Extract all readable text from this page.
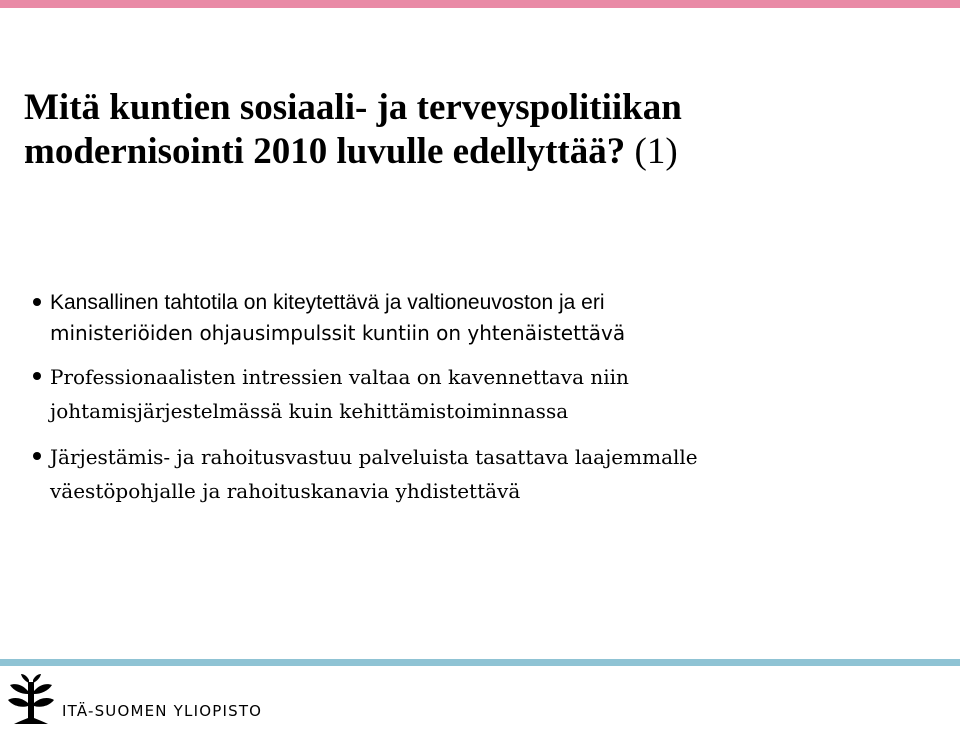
Mitä kuntien sosiaali- ja terveyspolitiikan
modernisointi 2010 luvulle edellyttää? (1)
Kansallinen tahtotila on kiteytettävä ja valtioneuvoston ja eri
ministeriöiden ohjausimpulssit kuntiin on yhtenäistettävä
Professionaalisten intressien valtaa on kavennettava niin
johtamisjärjestelmässä kuin kehittämistoiminnassa
Järjestämis- ja rahoitusvastuu palveluista tasattava laajemmalle
väestöpohjalle ja rahoituskanavia yhdistettävä
ITÄ-SUOMEN YLIOPISTO
